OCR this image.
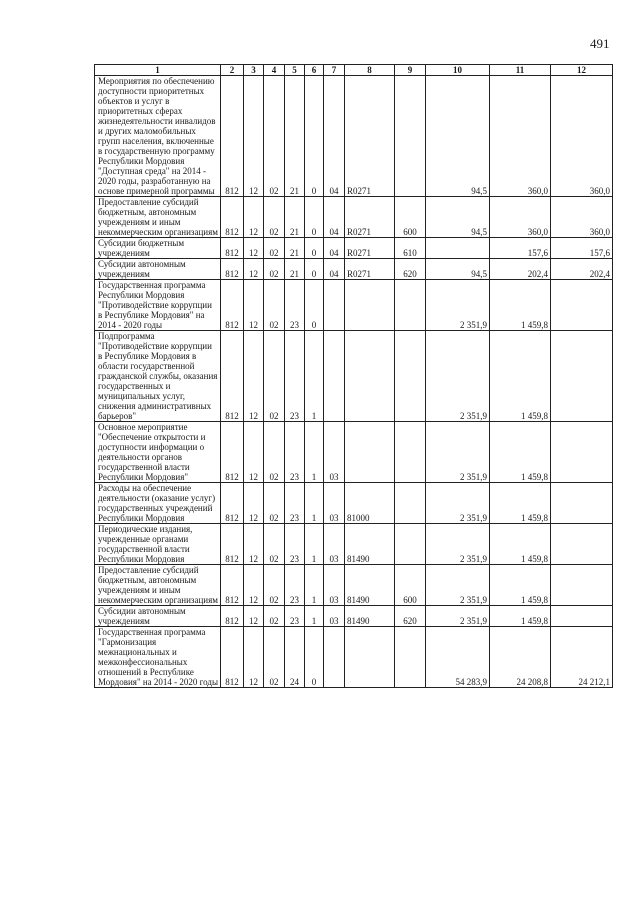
491
1	2	3	4	5	6	7	8	9	10	11	12
Мероприятия по обеспечению доступности приоритетных объектов и услуг в приоритетных сферах жизнедеятельности инвалидов и других маломобильных групп населения, включенные в государственную программу Республики Мордовия "Доступная среда" на 2014 - 2020 годы, разработанную на основе примерной программы	812	12	02	21	0	04	R0271		94,5	360,0	360,0
Предоставление субсидий бюджетным, автономным учреждениям и иным некоммерческим организациям	812	12	02	21	0	04	R0271	600	94,5	360,0	360,0
Субсидии бюджетным учреждениям	812	12	02	21	0	04	R0271	610		157,6	157,6
Субсидии автономным учреждениям	812	12	02	21	0	04	R0271	620	94,5	202,4	202,4
Государственная программа Республики Мордовия "Противодействие коррупции в Республике Мордовия" на 2014 - 2020 годы	812	12	02	23	0				2 351,9	1 459,8	
Подпрограмма "Противодействие коррупции в Республике Мордовия в области государственной гражданской службы, оказания государственных и муниципальных услуг, снижения административных барьеров"	812	12	02	23	1				2 351,9	1 459,8	
Основное мероприятие "Обеспечение открытости и доступности информации о деятельности органов государственной власти Республики Мордовия"	812	12	02	23	1	03			2 351,9	1 459,8	
Расходы на обеспечение деятельности (оказание услуг) государственных учреждений Республики Мордовия	812	12	02	23	1	03	81000		2 351,9	1 459,8	
Периодические издания, учрежденные органами государственной власти Республики Мордовия	812	12	02	23	1	03	81490		2 351,9	1 459,8	
Предоставление субсидий бюджетным, автономным учреждениям и иным некоммерческим организациям	812	12	02	23	1	03	81490	600	2 351,9	1 459,8	
Субсидии автономным учреждениям	812	12	02	23	1	03	81490	620	2 351,9	1 459,8	
Государственная программа "Гармонизация межнациональных и межконфессиональных отношений в Республике Мордовия" на 2014 - 2020 годы	812	12	02	24	0				54 283,9	24 208,8	24 212,1
